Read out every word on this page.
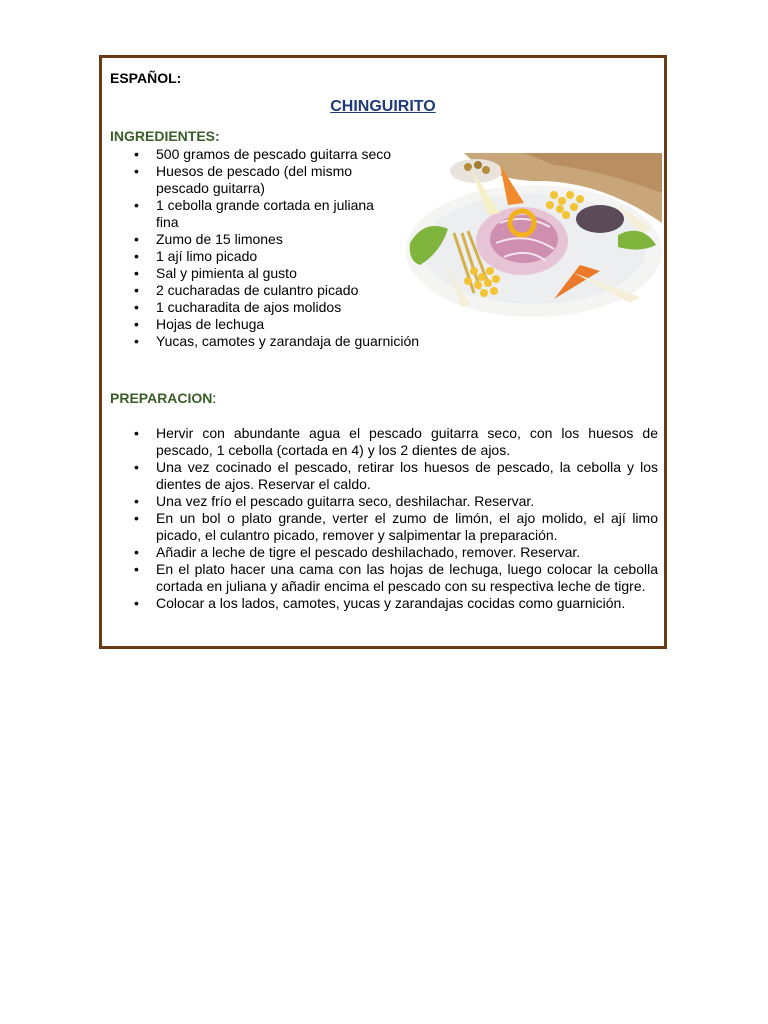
ESPAÑOL:
CHINGUIRITO
INGREDIENTES:
• 500 gramos de pescado guitarra seco
• Huesos de pescado (del mismo pescado guitarra)
• 1 cebolla grande cortada en juliana fina
• Zumo de 15 limones
• 1 ají limo picado
• Sal y pimienta al gusto
• 2 cucharadas de culantro picado
• 1 cucharadita de ajos molidos
• Hojas de lechuga
• Yucas, camotes y zarandaja de guarnición
PREPARACION:
• Hervir con abundante agua el pescado guitarra seco, con los huesos de pescado, 1 cebolla (cortada en 4) y los 2 dientes de ajos.
• Una vez cocinado el pescado, retirar los huesos de pescado, la cebolla y los dientes de ajos. Reservar el caldo.
• Una vez frío el pescado guitarra seco, deshilachar. Reservar.
• En un bol o plato grande, verter el zumo de limón, el ajo molido, el ají limo picado, el culantro picado, remover y salpimentar la preparación.
• Añadir a leche de tigre el pescado deshilachado, remover. Reservar.
• En el plato hacer una cama con las hojas de lechuga, luego colocar la cebolla cortada en juliana y añadir encima el pescado con su respectiva leche de tigre.
• Colocar a los lados, camotes, yucas y zarandajas cocidas como guarnición.
